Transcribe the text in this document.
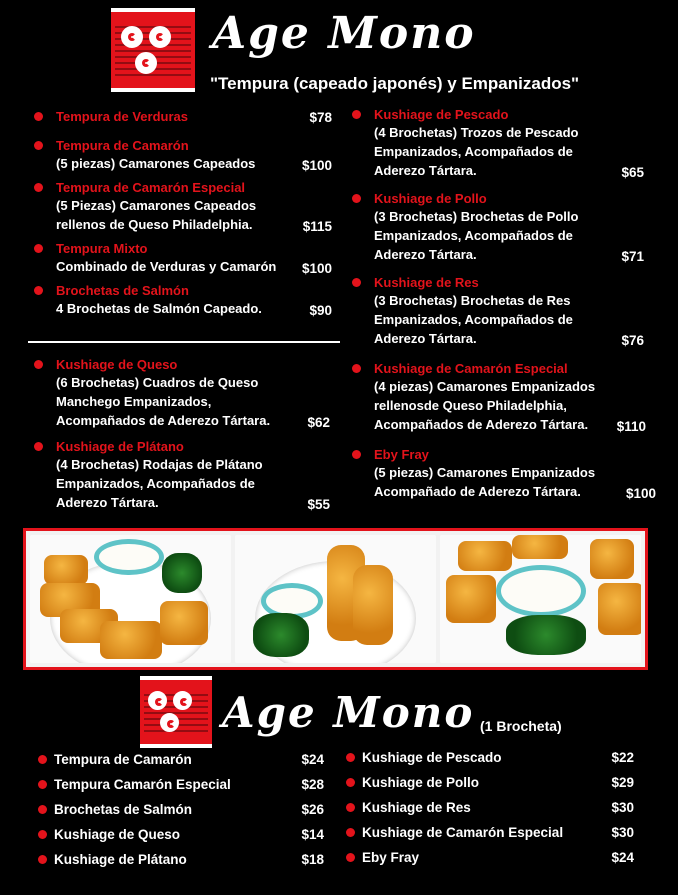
Age Mono
"Tempura (capeado japonés) y Empanizados"
Tempura de Verduras	$78
Tempura de Camarón
(5 piezas) Camarones Capeados	$100
Tempura de Camarón Especial
(5 Piezas) Camarones Capeados
rellenos de Queso Philadelphia.	$115
Tempura Mixto
Combinado de Verduras y Camarón	$100
Brochetas de Salmón
4 Brochetas de Salmón Capeado.	$90
Kushiage de Queso
(6 Brochetas) Cuadros de Queso
Manchego Empanizados,
Acompañados de Aderezo Tártara.	$62
Kushiage de Plátano
(4 Brochetas) Rodajas de Plátano
Empanizados, Acompañados de
Aderezo Tártara.	$55
Kushiage de Pescado
(4 Brochetas) Trozos de Pescado
Empanizados, Acompañados de
Aderezo Tártara.	$65
Kushiage de Pollo
(3 Brochetas) Brochetas de Pollo
Empanizados, Acompañados de
Aderezo Tártara.	$71
Kushiage de Res
(3 Brochetas) Brochetas de Res
Empanizados, Acompañados de
Aderezo Tártara.	$76
Kushiage de Camarón Especial
(4 piezas) Camarones Empanizados
rellenosde Queso Philadelphia,
Acompañados de Aderezo Tártara.	$110
Eby Fray
(5 piezas) Camarones Empanizados
Acompañado de Aderezo Tártara.	$100
Age Mono (1 Brocheta)
Tempura de Camarón	$24
Tempura Camarón Especial	$28
Brochetas de Salmón	$26
Kushiage de Queso	$14
Kushiage de Plátano	$18
Kushiage de Pescado	$22
Kushiage de Pollo	$29
Kushiage de Res	$30
Kushiage de Camarón Especial	$30
Eby Fray	$24
